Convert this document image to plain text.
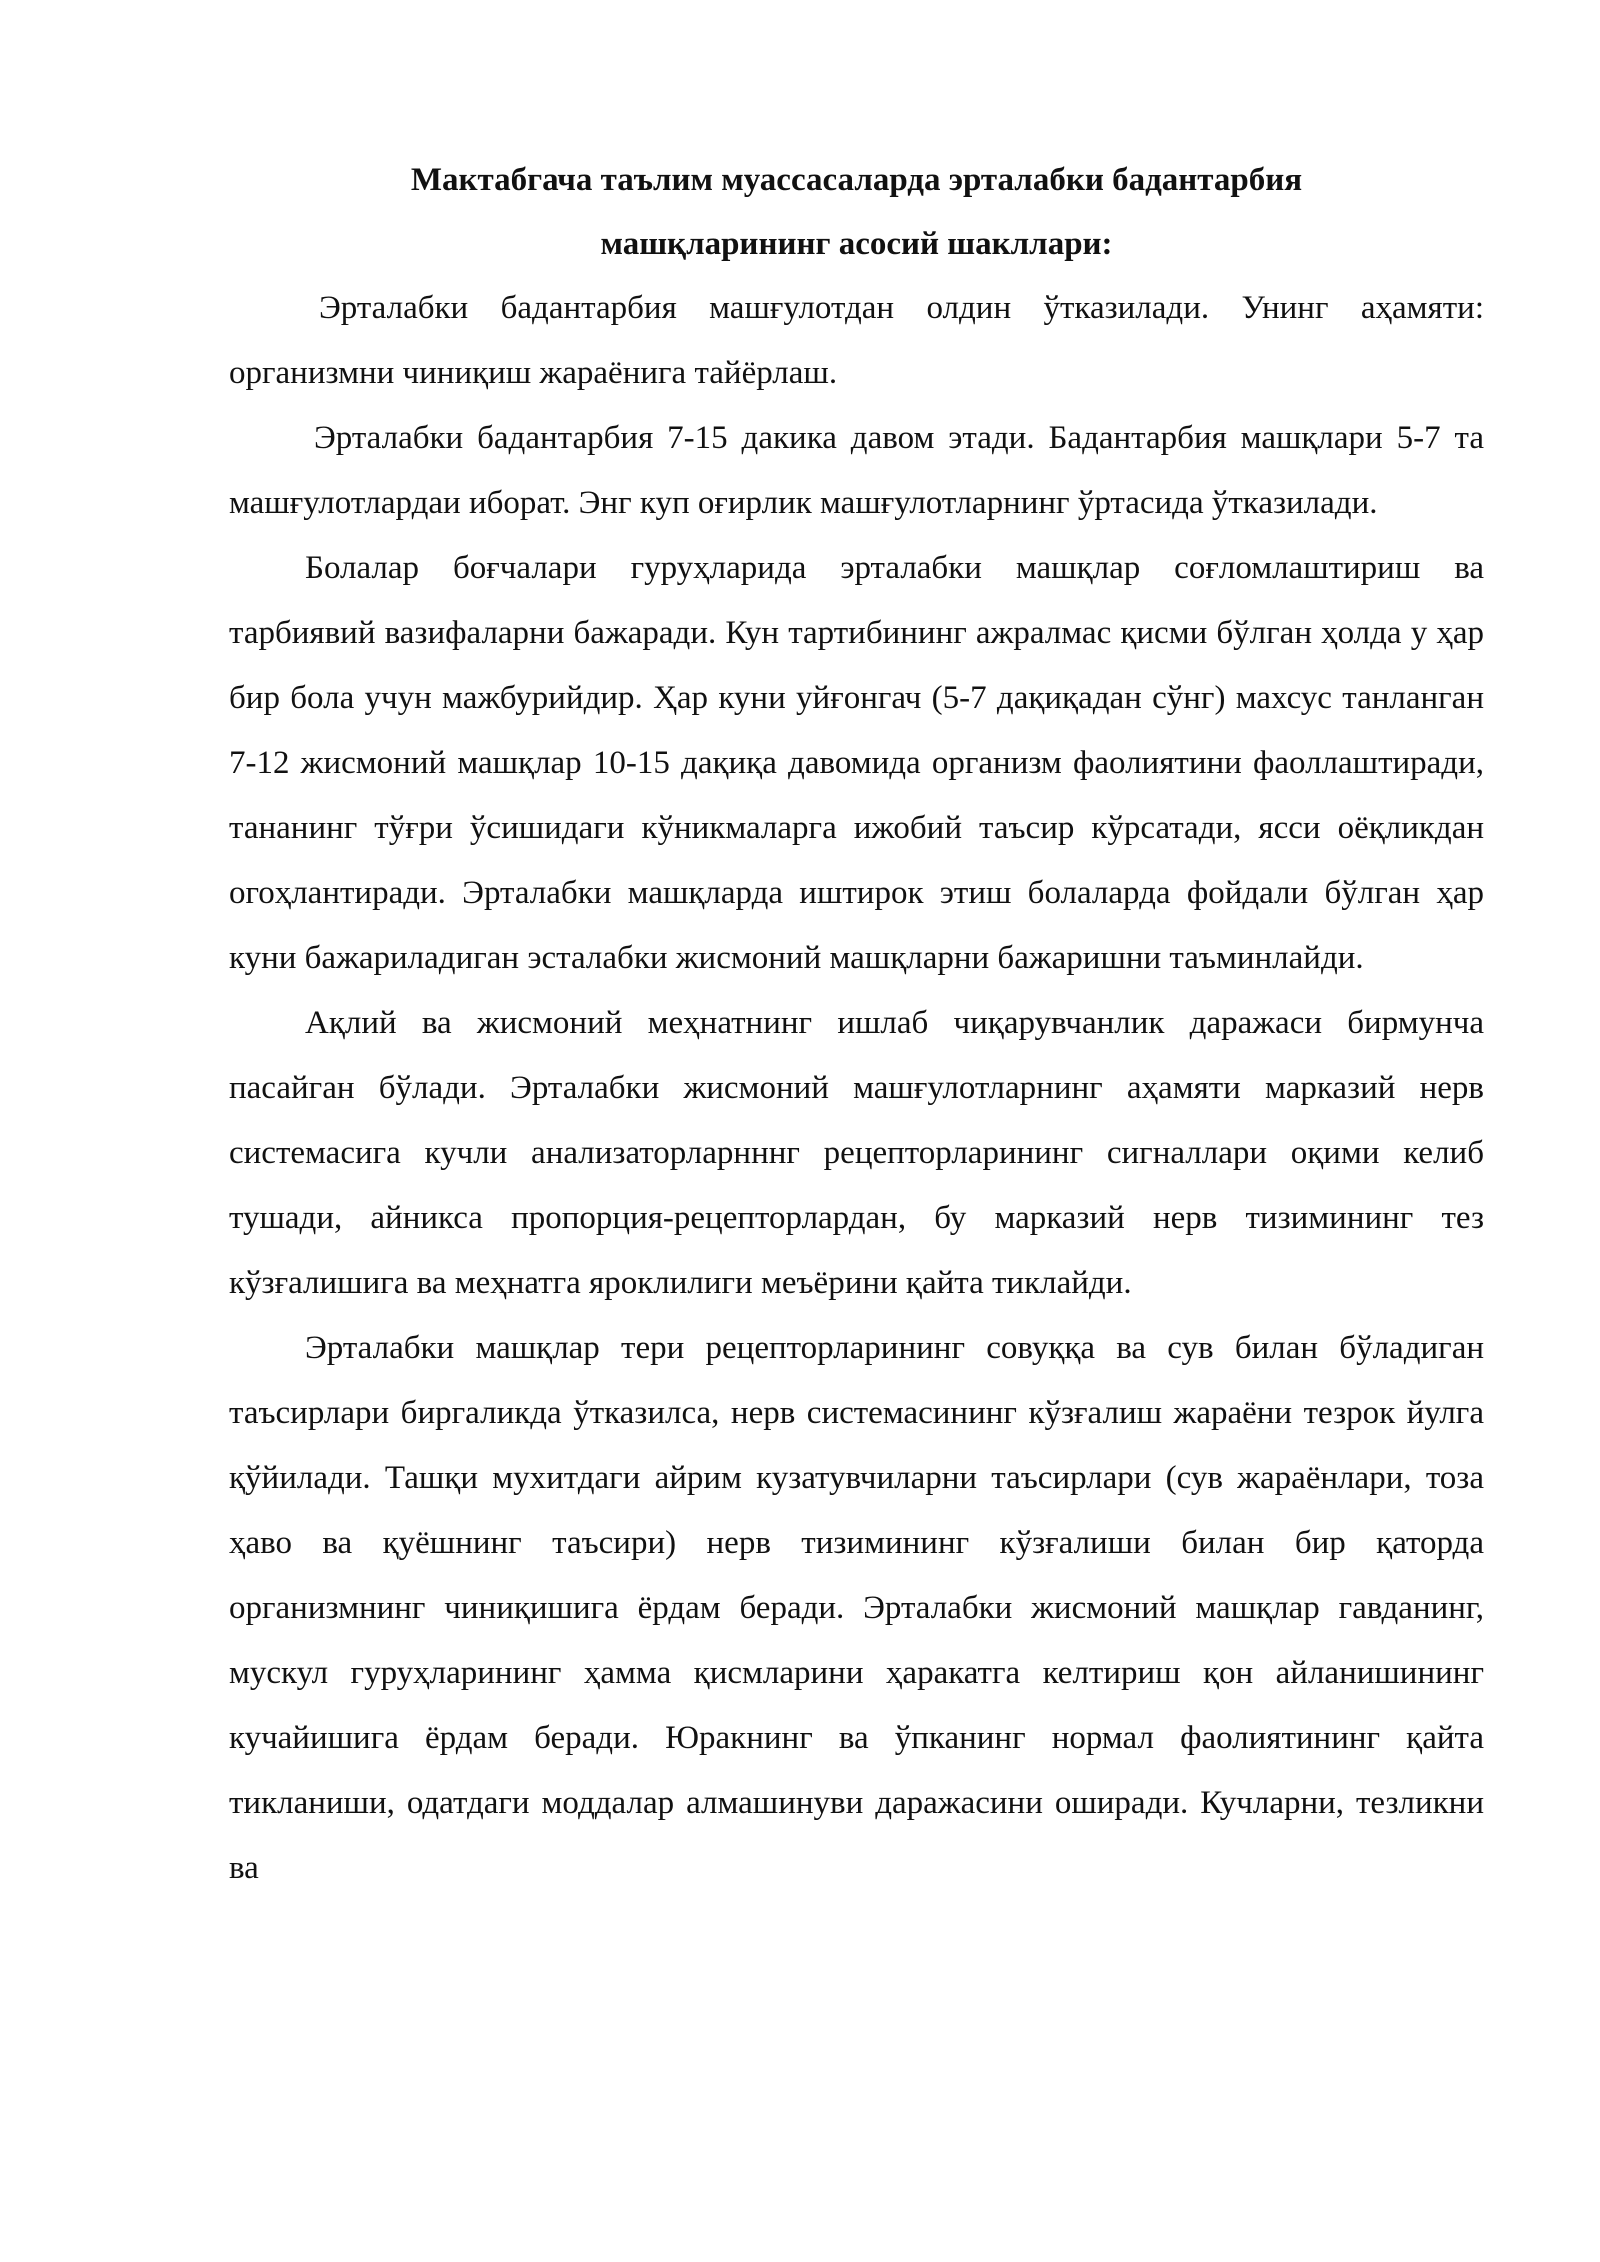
Мактабгача таълим муассасаларда эрталабки бадантарбия

машқларининг асосий шакллари:

Эрталабки бадантарбия машғулотдан олдин ўтказилади. Унинг аҳамяти: организмни чиниқиш жараёнига тайёрлаш.

Эрталабки бадантарбия 7-15 дакика давом этади. Бадантарбия машқлари 5-7 та машғулотлардаи иборат. Энг куп оғирлик машғулотларнинг ўртасида ўтказилади.

Болалар боғчалари гуруҳларида эрталабки машқлар соғломлаштириш ва тарбиявий вазифаларни бажаради. Кун тартибининг ажралмас қисми бўлган ҳолда у ҳар бир бола учун мажбурийдир. Ҳар куни уйғонгач (5-7 дақиқадан сўнг) махсус танланган 7-12 жисмоний машқлар 10-15 дақиқа давомида организм фаолиятини фаоллаштиради, тананинг тўғри ўсишидаги кўникмаларга ижобий таъсир кўрсатади, ясси оёқликдан огоҳлантиради. Эрталабки машқларда иштирок этиш болаларда фойдали бўлган ҳар куни бажариладиган эсталабки жисмоний машқларни бажаришни таъминлайди.

Ақлий ва жисмоний меҳнатнинг ишлаб чиқарувчанлик даражаси бирмунча пасайган бўлади. Эрталабки жисмоний машғулотларнинг аҳамяти марказий нерв системасига кучли анализаторларнннг рецепторларининг сигналлари оқими келиб тушади, айникса пропорция-рецепторлардан, бу марказий нерв тизимининг тез кўзғалишига ва меҳнатга яроклилиги меъёрини қайта тиклайди.

Эрталабки машқлар тери рецепторларининг совуққа ва сув билан бўладиган таъсирлари биргаликда ўтказилса, нерв системасининг кўзғалиш жараёни тезрок йулга қўйилади. Ташқи мухитдаги айрим кузатувчиларни таъсирлари (сув жараёнлари, тоза ҳаво ва қуёшнинг таъсири) нерв тизимининг кўзғалиши билан бир қаторда организмнинг чиниқишига ёрдам беради. Эрталабки жисмоний машқлар гавданинг, мускул гуруҳларининг ҳамма қисмларини ҳаракатга келтириш қон айланишининг кучайишига ёрдам беради. Юракнинг ва ўпканинг нормал фаолиятининг қайта тикланиши, одатдаги моддалар алмашинуви даражасини оширади. Кучларни, тезликни ва
